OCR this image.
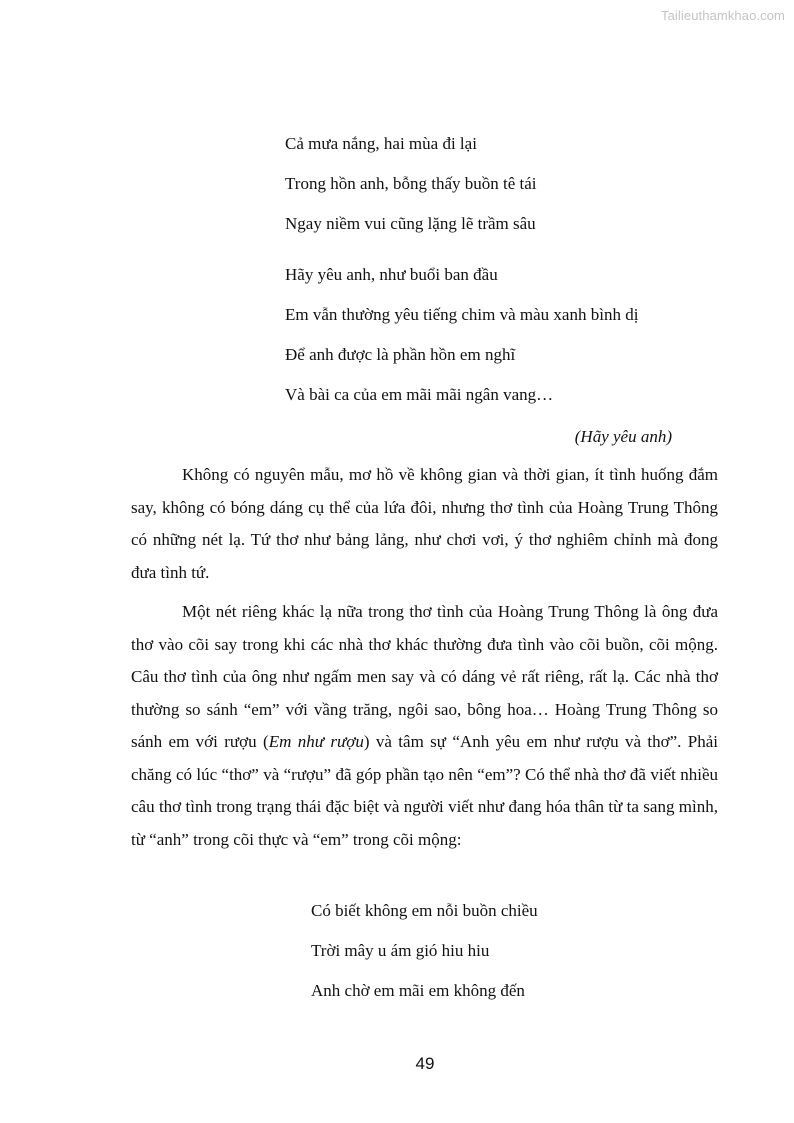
Tailieuthamkhao.com
Cả mưa nắng, hai mùa đi lại
Trong hồn anh, bỗng thấy buồn tê tái
Ngay niềm vui cũng lặng lẽ trầm sâu
Hãy yêu anh, như buổi ban đầu
Em vẫn thường yêu tiếng chim và màu xanh bình dị
Để anh được là phần hồn em nghĩ
Và bài ca của em mãi mãi ngân vang…
(Hãy yêu anh)

Không có nguyên mẫu, mơ hồ về không gian và thời gian, ít tình huống đắm say, không có bóng dáng cụ thể của lứa đôi, nhưng thơ tình của Hoàng Trung Thông có những nét lạ. Tứ thơ như bảng lảng, như chơi vơi, ý thơ nghiêm chỉnh mà đong đưa tình tứ.

Một nét riêng khác lạ nữa trong thơ tình của Hoàng Trung Thông là ông đưa thơ vào cõi say trong khi các nhà thơ khác thường đưa tình vào cõi buồn, cõi mộng. Câu thơ tình của ông như ngấm men say và có dáng vẻ rất riêng, rất lạ. Các nhà thơ thường so sánh “em” với vầng trăng, ngôi sao, bông hoa… Hoàng Trung Thông so sánh em với rượu (Em như rượu) và tâm sự “Anh yêu em như rượu và thơ”. Phải chăng có lúc “thơ” và “rượu” đã góp phần tạo nên “em”? Có thể nhà thơ đã viết nhiều câu thơ tình trong trạng thái đặc biệt và người viết như đang hóa thân từ ta sang mình, từ “anh” trong cõi thực và “em” trong cõi mộng:

Có biết không em nỗi buồn chiều
Trời mây u ám gió hiu hiu
Anh chờ em mãi em không đến
49
